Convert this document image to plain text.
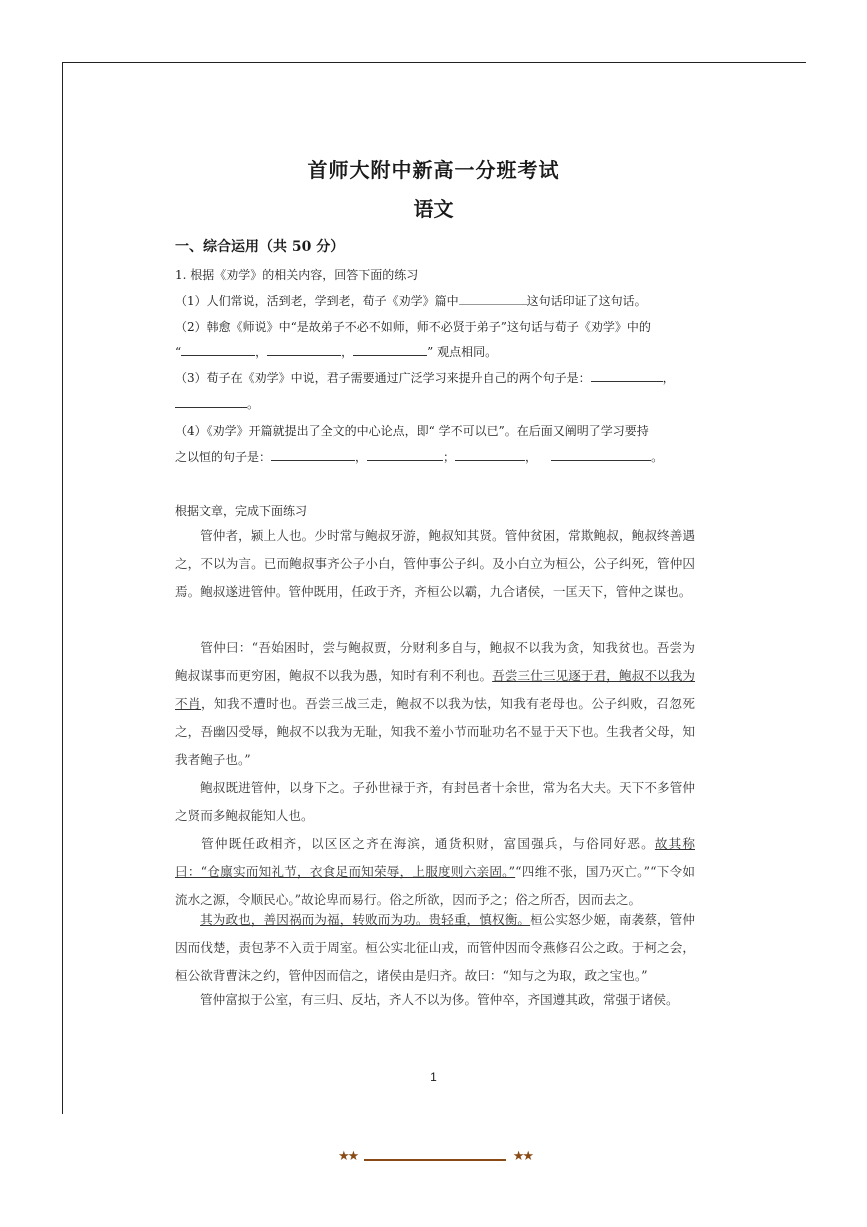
首师大附中新高一分班考试
语文
一、综合运用（共 50 分）
1. 根据《劝学》的相关内容，回答下面的练习
（1）人们常说，活到老，学到老，荀子《劝学》篇中	这句话印证了这句话。
（2）韩愈《师说》中“是故弟子不必不如师，师不必贤于弟子”这句话与荀子《劝学》中的
“	，	，	” 观点相同。
（3）荀子在《劝学》中说，君子需要通过广泛学习来提升自己的两个句子是：	，
。
（4）《劝学》开篇就提出了全文的中心论点，即“ 学不可以已”。在后面又阐明了学习要持
之以恒的句子是：	，	；	，	。
根据文章，完成下面练习

管仲者，颍上人也。少时常与鲍叔牙游，鲍叔知其贤。管仲贫困，常欺鲍叔，鲍叔终善遇之，不以为言。已而鲍叔事齐公子小白，管仲事公子纠。及小白立为桓公，公子纠死，管仲囚焉。鲍叔遂进管仲。管仲既用，任政于齐，齐桓公以霸，九合诸侯，一匡天下，管仲之谋也。

管仲曰：“吾始困时，尝与鲍叔贾，分财利多自与，鲍叔不以我为贪，知我贫也。吾尝为鲍叔谋事而更穷困，鲍叔不以我为愚，知时有利不利也。吾尝三仕三见逐于君，鲍叔不以我为不肖，知我不遭时也。吾尝三战三走，鲍叔不以我为怯，知我有老母也。公子纠败，召忽死之，吾幽囚受辱，鲍叔不以我为无耻，知我不羞小节而耻功名不显于天下也。生我者父母，知我者鲍子也。”

鲍叔既进管仲，以身下之。子孙世禄于齐，有封邑者十余世，常为名大夫。天下不多管仲之贤而多鲍叔能知人也。

管仲既任政相齐，以区区之齐在海滨，通货积财，富国强兵，与俗同好恶。故其称曰：“仓廪实而知礼节，衣食足而知荣辱，上服度则六亲固。”“四维不张，国乃灭亡。”“下令如流水之源，令顺民心。”故论卑而易行。俗之所欲，因而予之；俗之所否，因而去之。

其为政也，善因祸而为福，转败而为功。贵轻重，慎权衡。桓公实怒少姬，南袭蔡，管仲因而伐楚，责包茅不入贡于周室。桓公实北征山戎，而管仲因而令燕修召公之政。于柯之会，桓公欲背曹沫之约，管仲因而信之，诸侯由是归齐。故曰：“知与之为取，政之宝也。”

管仲富拟于公室，有三归、反坫，齐人不以为侈。管仲卒，齐国遵其政，常强于诸侯。

1
★★	★★
